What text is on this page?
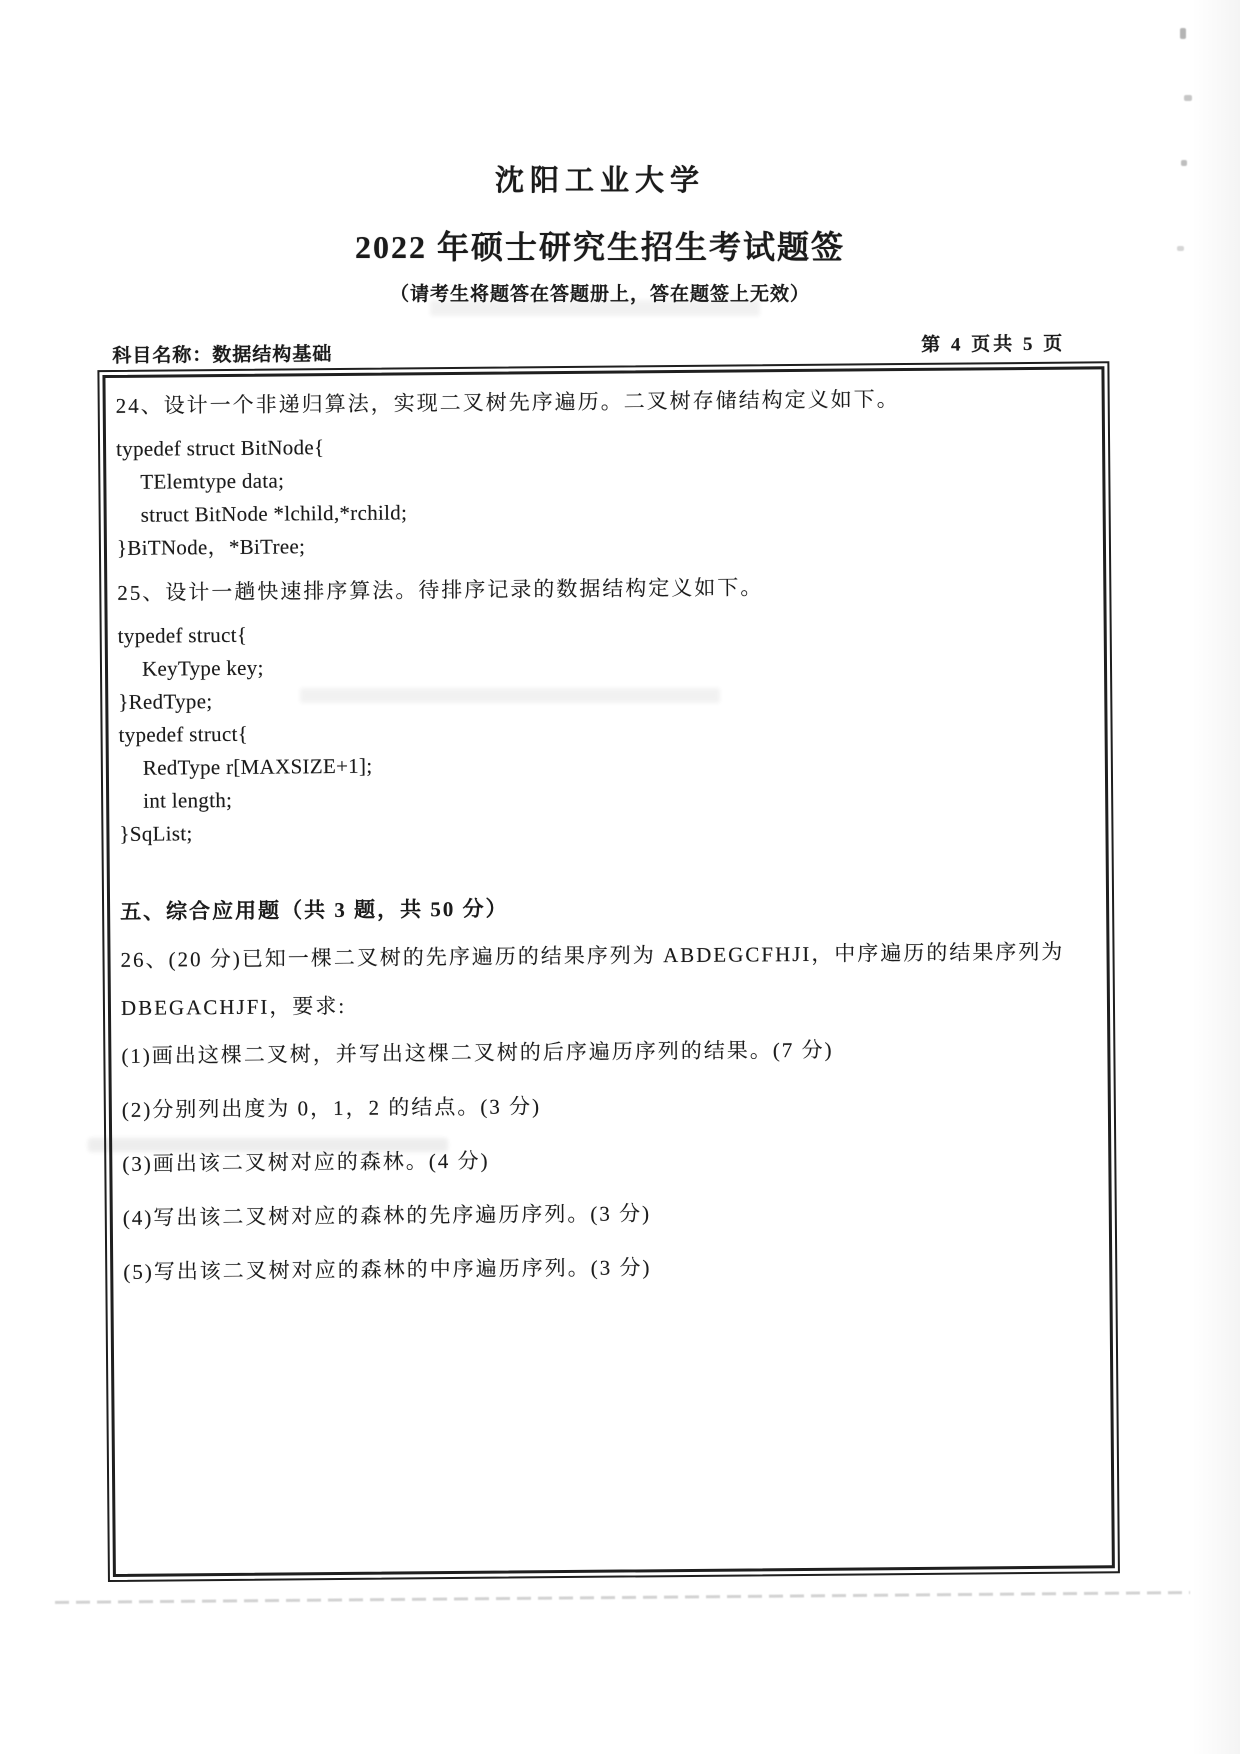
沈阳工业大学
2022 年硕士研究生招生考试题签
（请考生将题答在答题册上，答在题签上无效）
科目名称：数据结构基础	第 4 页共 5 页
24、设计一个非递归算法，实现二叉树先序遍历。二叉树存储结构定义如下。
typedef struct BitNode{
TElemtype data;
struct BitNode *lchild,*rchild;
}BiTNode，*BiTree;
25、设计一趟快速排序算法。待排序记录的数据结构定义如下。
typedef struct{
KeyType key;
}RedType;
typedef struct{
RedType r[MAXSIZE+1];
int length;
}SqList;
五、综合应用题（共 3 题，共 50 分）
26、(20 分)已知一棵二叉树的先序遍历的结果序列为 ABDEGCFHJI，中序遍历的结果序列为
DBEGACHJFI，要求:
(1)画出这棵二叉树，并写出这棵二叉树的后序遍历序列的结果。(7 分)
(2)分别列出度为 0，1，2 的结点。(3 分)
(3)画出该二叉树对应的森林。(4 分)
(4)写出该二叉树对应的森林的先序遍历序列。(3 分)
(5)写出该二叉树对应的森林的中序遍历序列。(3 分)
